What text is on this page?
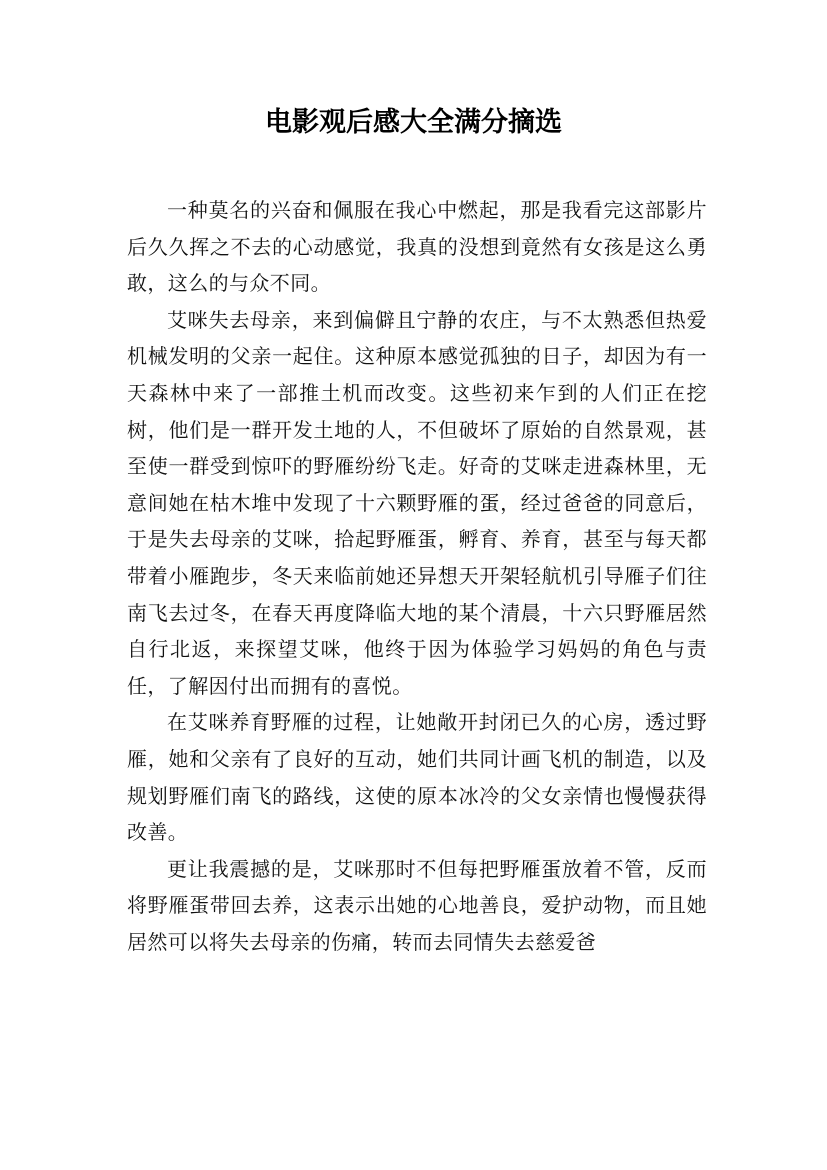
电影观后感大全满分摘选

一种莫名的兴奋和佩服在我心中燃起，那是我看完这部影片后久久挥之不去的心动感觉，我真的没想到竟然有女孩是这么勇敢，这么的与众不同。

艾咪失去母亲，来到偏僻且宁静的农庄，与不太熟悉但热爱机械发明的父亲一起住。这种原本感觉孤独的日子，却因为有一天森林中来了一部推土机而改变。这些初来乍到的人们正在挖树，他们是一群开发土地的人，不但破坏了原始的自然景观，甚至使一群受到惊吓的野雁纷纷飞走。好奇的艾咪走进森林里，无意间她在枯木堆中发现了十六颗野雁的蛋，经过爸爸的同意后，于是失去母亲的艾咪，拾起野雁蛋，孵育、养育，甚至与每天都带着小雁跑步，冬天来临前她还异想天开架轻航机引导雁子们往南飞去过冬，在春天再度降临大地的某个清晨，十六只野雁居然自行北返，来探望艾咪，他终于因为体验学习妈妈的角色与责任，了解因付出而拥有的喜悦。

在艾咪养育野雁的过程，让她敞开封闭已久的心房，透过野雁，她和父亲有了良好的互动，她们共同计画飞机的制造，以及规划野雁们南飞的路线，这使的原本冰冷的父女亲情也慢慢获得改善。

更让我震撼的是，艾咪那时不但每把野雁蛋放着不管，反而将野雁蛋带回去养，这表示出她的心地善良，爱护动物，而且她居然可以将失去母亲的伤痛，转而去同情失去慈爱爸
